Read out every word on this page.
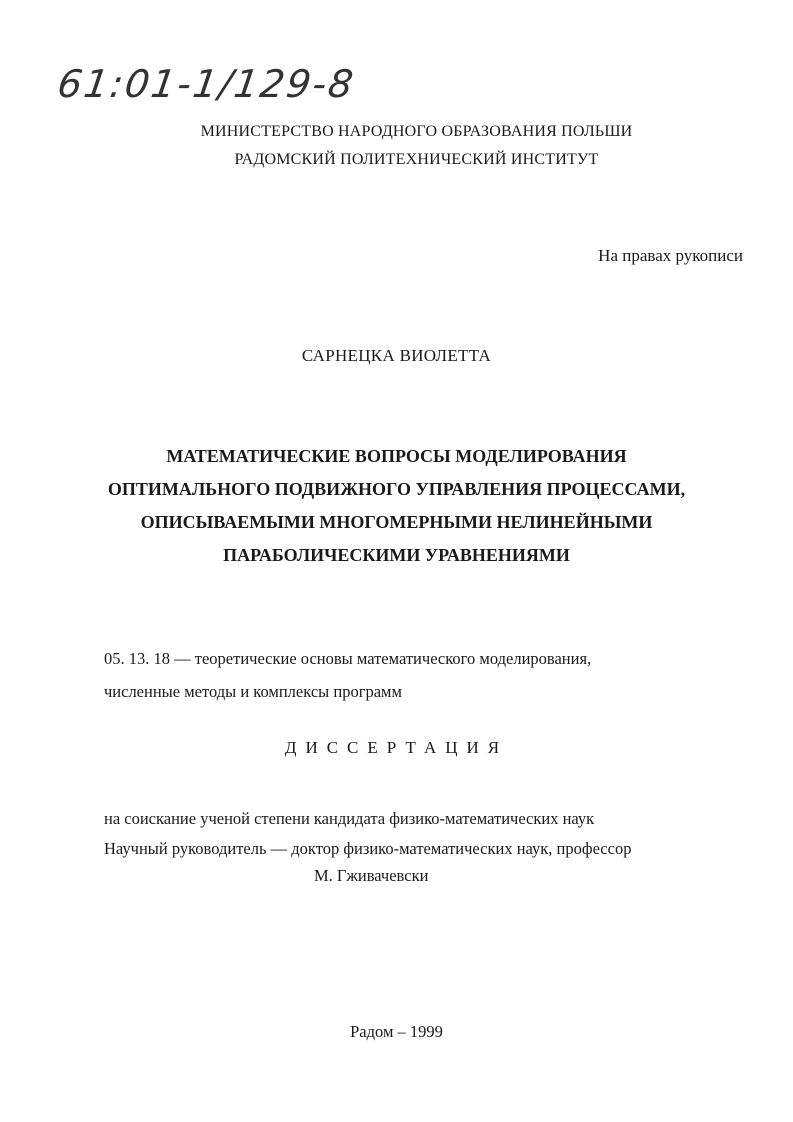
61:01-1/129-8
МИНИСТЕРСТВО НАРОДНОГО ОБРАЗОВАНИЯ ПОЛЬШИ
РАДОМСКИЙ ПОЛИТЕХНИЧЕСКИЙ ИНСТИТУТ
На правах рукописи
САРНЕЦКА ВИОЛЕТТА
МАТЕМАТИЧЕСКИЕ ВОПРОСЫ МОДЕЛИРОВАНИЯ
ОПТИМАЛЬНОГО ПОДВИЖНОГО УПРАВЛЕНИЯ ПРОЦЕССАМИ,
ОПИСЫВАЕМЫМИ МНОГОМЕРНЫМИ НЕЛИНЕЙНЫМИ
ПАРАБОЛИЧЕСКИМИ УРАВНЕНИЯМИ
05. 13. 18 — теоретические основы математического моделирования,
численные методы и комплексы программ
ДИССЕРТАЦИЯ
на соискание ученой степени кандидата физико-математических наук
Научный руководитель — доктор физико-математических наук, профессор
М. Гживачевски
Радом – 1999
